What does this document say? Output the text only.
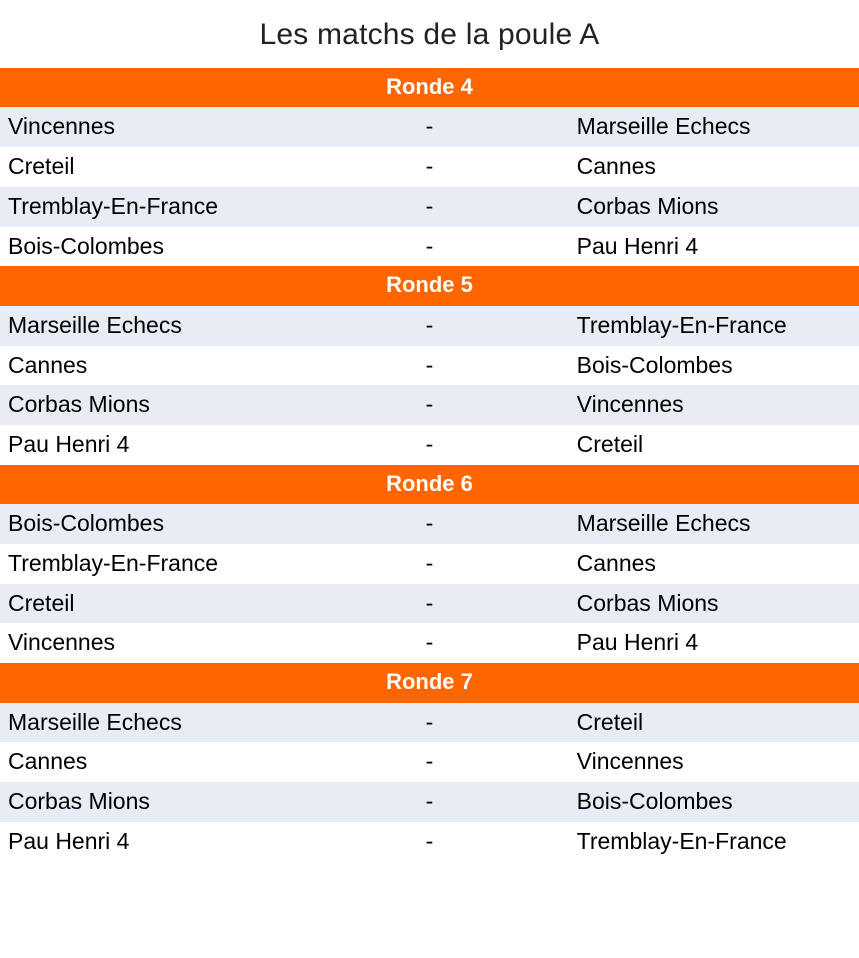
Les matchs de la poule A
Ronde 4		
Vincennes	-	Marseille Echecs
Creteil	-	Cannes
Tremblay-En-France	-	Corbas Mions
Bois-Colombes	-	Pau Henri 4
Ronde 5		
Marseille Echecs	-	Tremblay-En-France
Cannes	-	Bois-Colombes
Corbas Mions	-	Vincennes
Pau Henri 4	-	Creteil
Ronde 6		
Bois-Colombes	-	Marseille Echecs
Tremblay-En-France	-	Cannes
Creteil	-	Corbas Mions
Vincennes	-	Pau Henri 4
Ronde 7		
Marseille Echecs	-	Creteil
Cannes	-	Vincennes
Corbas Mions	-	Bois-Colombes
Pau Henri 4	-	Tremblay-En-France
